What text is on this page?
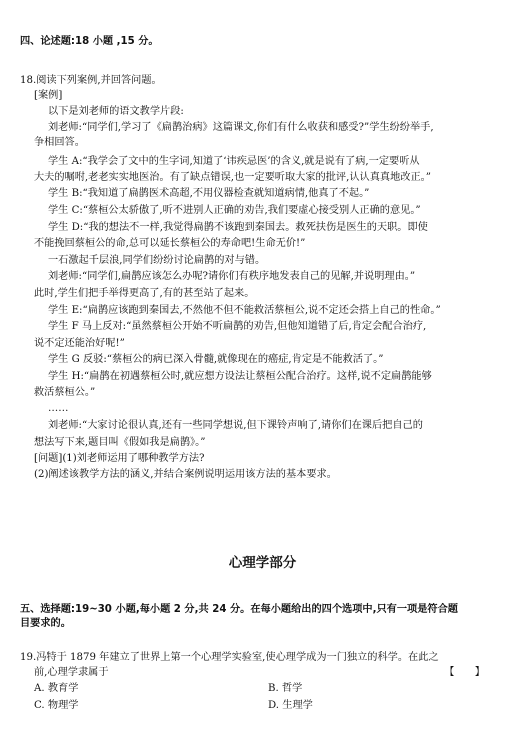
四、论述题:18 小题 ,15 分。
18.阅读下列案例,并回答问题。
[案例]
以下是刘老师的语文教学片段:
刘老师:“同学们,学习了《扁鹊治病》这篇课文,你们有什么收获和感受?”学生纷纷举手,
争相回答。
学生 A:“我学会了文中的生字词,知道了‘讳疾忌医’的含义,就是说有了病,一定要听从
大夫的嘱咐,老老实实地医治。有了缺点错误,也一定要听取大家的批评,认认真真地改正。”
学生 B:“我知道了扁鹊医术高超,不用仪器检查就知道病情,他真了不起。”
学生 C:“蔡桓公太骄傲了,听不进别人正确的劝告,我们要虚心接受别人正确的意见。”
学生 D:“我的想法不一样,我觉得扁鹊不该跑到秦国去。救死扶伤是医生的天职。即使
不能挽回蔡桓公的命,总可以延长蔡桓公的寿命吧!生命无价!”
一石激起千层浪,同学们纷纷讨论扁鹊的对与错。
刘老师:“同学们,扁鹊应该怎么办呢?请你们有秩序地发表自己的见解,并说明理由。”
此时,学生们把手举得更高了,有的甚至站了起来。
学生 E:“扁鹊应该跑到秦国去,不然他不但不能救活蔡桓公,说不定还会搭上自己的性命。”
学生 F 马上反对:“虽然蔡桓公开始不听扁鹊的劝告,但他知道错了后,肯定会配合治疗,
说不定还能治好呢!”
学生 G 反驳:“蔡桓公的病已深入骨髓,就像现在的癌症,肯定是不能救活了。”
学生 H:“扁鹊在初遇蔡桓公时,就应想方设法让蔡桓公配合治疗。这样,说不定扁鹊能够
救活蔡桓公。”
……
刘老师:“大家讨论很认真,还有一些同学想说,但下课铃声响了,请你们在课后把自己的
想法写下来,题目叫《假如我是扁鹊》。”
[问题](1)刘老师运用了哪种教学方法?
(2)阐述该教学方法的涵义,并结合案例说明运用该方法的基本要求。
心理学部分
五、选择题:19~30 小题,每小题 2 分,共 24 分。在每小题给出的四个选项中,只有一项是符合题
目要求的。
19.冯特于 1879 年建立了世界上第一个心理学实验室,使心理学成为一门独立的科学。在此之
前,心理学隶属于	【　　】
A. 教育学	B. 哲学
C. 物理学	D. 生理学
